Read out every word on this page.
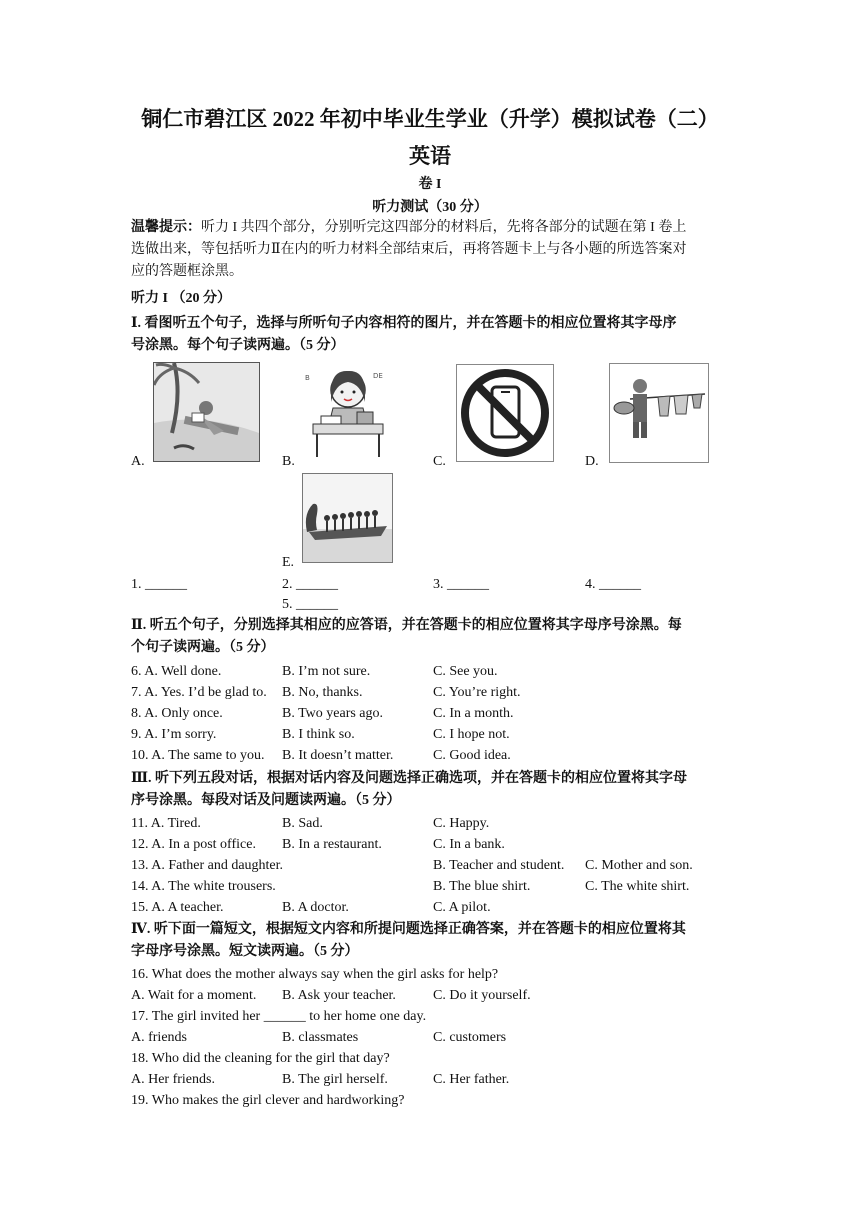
铜仁市碧江区 2022 年初中毕业生学业（升学）模拟试卷（二）
英语
卷 I
听力测试（30 分）
温馨提示：听力 I 共四个部分，分别听完这四部分的材料后，先将各部分的试题在第 I 卷上
选做出来，等包括听力Ⅱ在内的听力材料全部结束后，再将答题卡上与各小题的所选答案对
应的答题框涂黑。
听力 I （20 分）
Ⅰ. 看图听五个句子，选择与所听句子内容相符的图片，并在答题卡的相应位置将其字母序
号涂黑。每个句子读两遍。（5 分）
B	DE
A.	B.	C.	D.
E.
1. ______	2. ______	3. ______	4. ______
5. ______
Ⅱ. 听五个句子，分别选择其相应的应答语，并在答题卡的相应位置将其字母序号涂黑。每
个句子读两遍。（5 分）
6. A. Well done.	B. I’m not sure.	C. See you.
7. A. Yes. I’d be glad to. B. No, thanks.	C. You’re right.
8. A. Only once.	B. Two years ago.	C. In a month.
9. A. I’m sorry.	B. I think so.	C. I hope not.
10. A. The same to you. B. It doesn’t matter.	C. Good idea.
Ⅲ. 听下列五段对话，根据对话内容及问题选择正确选项，并在答题卡的相应位置将其字母
序号涂黑。每段对话及问题读两遍。（5 分）
11. A. Tired.	B. Sad.	C. Happy.
12. A. In a post office. B. In a restaurant.	C. In a bank.
13. A. Father and daughter.	B. Teacher and student. C. Mother and son.
14. A. The white trousers.	B. The blue shirt.	C. The white shirt.
15. A. A teacher.	B. A doctor.	C. A pilot.
Ⅳ. 听下面一篇短文，根据短文内容和所提问题选择正确答案，并在答题卡的相应位置将其
字母序号涂黑。短文读两遍。（5 分）
16. What does the mother always say when the girl asks for help?
A. Wait for a moment. B. Ask your teacher.	C. Do it yourself.
17. The girl invited her ______ to her home one day.
A. friends	B. classmates	C. customers
18. Who did the cleaning for the girl that day?
A. Her friends.	B. The girl herself.	C. Her father.
19. Who makes the girl clever and hardworking?
